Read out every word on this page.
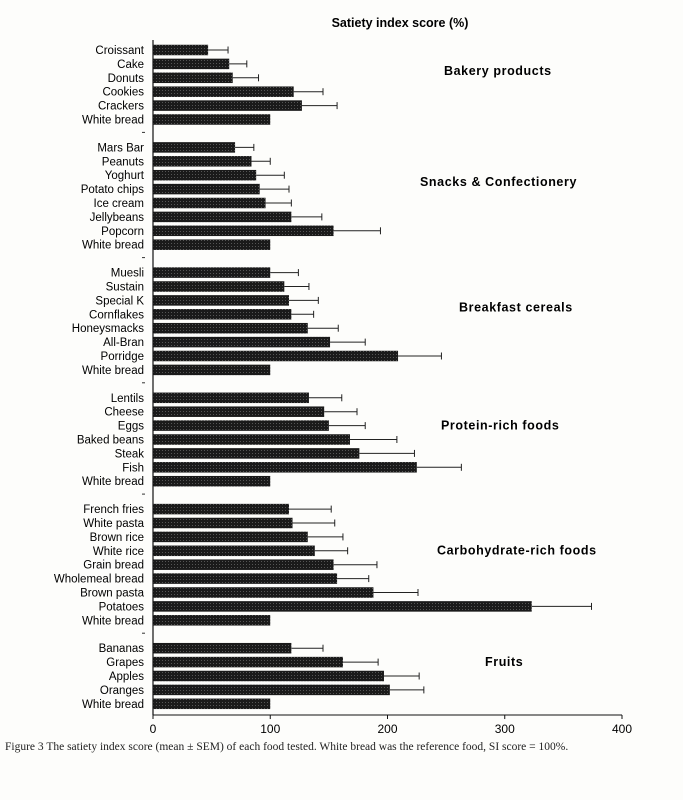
Satiety index score (%)
Croissant
Cake
Donuts
Cookies
Crackers
White bread
Mars Bar
Peanuts
Yoghurt
Potato chips
Ice cream
Jellybeans
Popcorn
White bread
Muesli
Sustain
Special K
Cornflakes
Honeysmacks
All-Bran
Porridge
White bread
Lentils
Cheese
Eggs
Baked beans
Steak
Fish
White bread
French fries
White pasta
Brown rice
White rice
Grain bread
Wholemeal bread
Brown pasta
Potatoes
White bread
Bananas
Grapes
Apples
Oranges
White bread
Bakery products
Snacks & Confectionery
Breakfast cereals
Protein-rich foods
Carbohydrate-rich foods
Fruits
0	100	200	300	400
Figure 3 The satiety index score (mean ± SEM) of each food tested. White bread was the reference food, SI score = 100%.
